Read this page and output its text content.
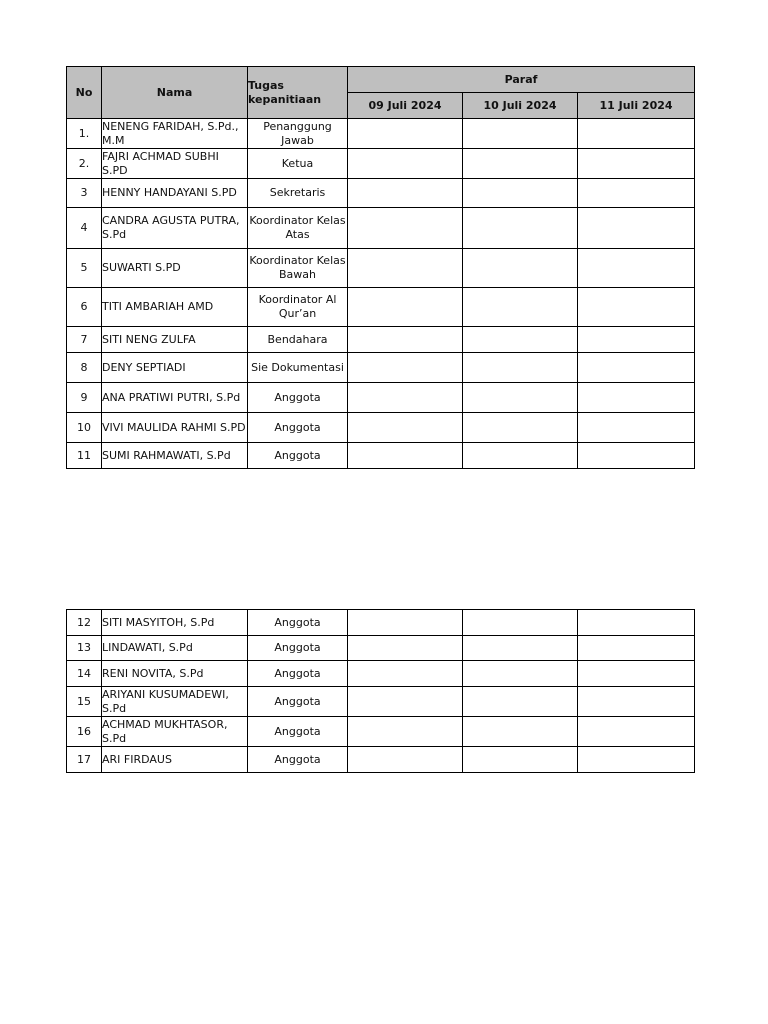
No	Nama	Tugas kepanitiaan	Paraf		
			09 Juli 2024	10 Juli 2024	11 Juli 2024
1.	NENENG FARIDAH, S.Pd., M.M	Penanggung Jawab			
2.	FAJRI ACHMAD SUBHI S.PD	Ketua			
3	HENNY HANDAYANI S.PD	Sekretaris			
4	CANDRA AGUSTA PUTRA, S.Pd	Koordinator Kelas Atas			
5	SUWARTI S.PD	Koordinator Kelas Bawah			
6	TITI AMBARIAH AMD	Koordinator Al Qur’an			
7	SITI NENG ZULFA	Bendahara			
8	DENY SEPTIADI	Sie Dokumentasi			
9	ANA PRATIWI PUTRI, S.Pd	Anggota			
10	VIVI MAULIDA RAHMI S.PD	Anggota			
11	SUMI RAHMAWATI, S.Pd	Anggota			
12	SITI MASYITOH, S.Pd	Anggota			
13	LINDAWATI, S.Pd	Anggota			
14	RENI NOVITA, S.Pd	Anggota			
15	ARIYANI KUSUMADEWI, S.Pd	Anggota			
16	ACHMAD MUKHTASOR, S.Pd	Anggota			
17	ARI FIRDAUS	Anggota			
